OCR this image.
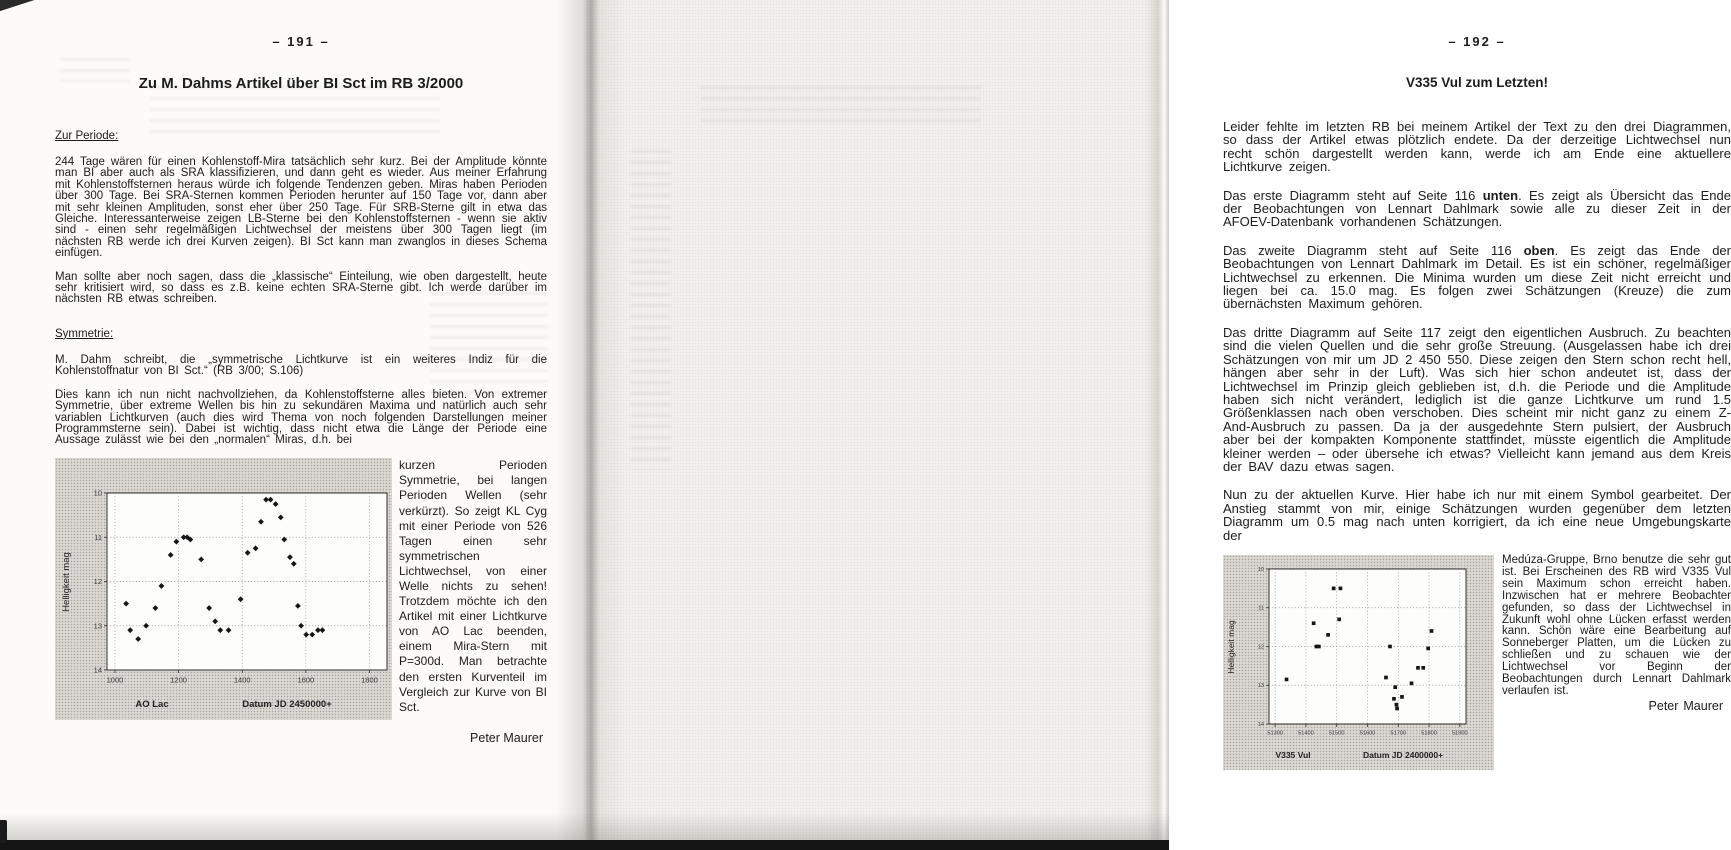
– 191 –
Zu M. Dahms Artikel über BI Sct im RB 3/2000
Zur Periode:

244 Tage wären für einen Kohlenstoff-Mira tatsächlich sehr kurz. Bei der Amplitude könnte man BI aber auch als SRA klassifizieren, und dann geht es wieder. Aus meiner Erfahrung mit Kohlenstoffsternen heraus würde ich folgende Tendenzen geben. Miras haben Perioden über 300 Tage. Bei SRA-Sternen kommen Perioden herunter auf 150 Tage vor, dann aber mit sehr kleinen Amplituden, sonst eher über 250 Tage. Für SRB-Sterne gilt in etwa das Gleiche. Interessanterweise zeigen LB-Sterne bei den Kohlenstoffsternen - wenn sie aktiv sind - einen sehr regelmäßigen Lichtwechsel der meistens über 300 Tagen liegt (im nächsten RB werde ich drei Kurven zeigen). BI Sct kann man zwanglos in dieses Schema einfügen.

Man sollte aber noch sagen, dass die „klassische“ Einteilung, wie oben dargestellt, heute sehr kritisiert wird, so dass es z.B. keine echten SRA-Sterne gibt. Ich werde darüber im nächsten RB etwas schreiben.

Symmetrie:

M. Dahm schreibt, die „symmetrische Lichtkurve ist ein weiteres Indiz für die Kohlenstoffnatur von BI Sct.“ (RB 3/00; S.106)

Dies kann ich nun nicht nachvollziehen, da Kohlenstoffsterne alles bieten. Von extremer Symmetrie, über extreme Wellen bis hin zu sekundären Maxima und natürlich auch sehr variablen Lichtkurven (auch dies wird Thema von noch folgenden Darstellungen meiner Programmsterne sein). Dabei ist wichtig, dass nicht etwa die Länge der Periode eine Aussage zulässt wie bei den „normalen“ Miras, d.h. bei

1000	1200	1400	1600	1800
10
11
12
13
14
AO Lac	Datum JD 2450000+
Helligkeit mag
kurzen Perioden Symmetrie, bei langen Perioden Wellen (sehr verkürzt). So zeigt KL Cyg mit einer Periode von 526 Tagen einen sehr symmetrischen Lichtwechsel, von einer Welle nichts zu sehen! Trotzdem möchte ich den Artikel mit einer Lichtkurve von AO Lac beenden, einem Mira-Stern mit P=300d. Man betrachte den ersten Kurventeil im Vergleich zur Kurve von BI Sct.
Peter Maurer
– 192 –
V335 Vul zum Letzten!

Leider fehlte im letzten RB bei meinem Artikel der Text zu den drei Diagrammen, so dass der Artikel etwas plötzlich endete. Da der derzeitige Lichtwechsel nun recht schön dargestellt werden kann, werde ich am Ende eine aktuellere Lichtkurve zeigen.

Das erste Diagramm steht auf Seite 116 unten. Es zeigt als Übersicht das Ende der Beobachtungen von Lennart Dahlmark sowie alle zu dieser Zeit in der AFOEV-Datenbank vorhandenen Schätzungen.

Das zweite Diagramm steht auf Seite 116 oben. Es zeigt das Ende der Beobachtungen von Lennart Dahlmark im Detail. Es ist ein schöner, regelmäßiger Lichtwechsel zu erkennen. Die Minima wurden um diese Zeit nicht erreicht und liegen bei ca. 15.0 mag. Es folgen zwei Schätzungen (Kreuze) die zum übernächsten Maximum gehören.

Das dritte Diagramm auf Seite 117 zeigt den eigentlichen Ausbruch. Zu beachten sind die vielen Quellen und die sehr große Streuung. (Ausgelassen habe ich drei Schätzungen von mir um JD 2 450 550. Diese zeigen den Stern schon recht hell, hängen aber sehr in der Luft). Was sich hier schon andeutet ist, dass der Lichtwechsel im Prinzip gleich geblieben ist, d.h. die Periode und die Amplitude haben sich nicht verändert, lediglich ist die ganze Lichtkurve um rund 1.5 Größenklassen nach oben verschoben. Dies scheint mir nicht ganz zu einem Z-And-Ausbruch zu passen. Da ja der ausgedehnte Stern pulsiert, der Ausbruch aber bei der kompakten Komponente stattfindet, müsste eigentlich die Amplitude kleiner werden – oder übersehe ich etwas? Vielleicht kann jemand aus dem Kreis der BAV dazu etwas sagen.

Nun zu der aktuellen Kurve. Hier habe ich nur mit einem Symbol gearbeitet. Der Anstieg stammt von mir, einige Schätzungen wurden gegenüber dem letzten Diagramm um 0.5 mag nach unten korrigiert, da ich eine neue Umgebungskarte der

51300	51400	51500	51600	51700	51800	51900
10
11
12
13
14
V335 Vul	Datum JD 2400000+
Helligkeit mag
Medúza-Gruppe, Brno benutze die sehr gut ist. Bei Erscheinen des RB wird V335 Vul sein Maximum schon erreicht haben. Inzwischen hat er mehrere Beobachter gefunden, so dass der Lichtwechsel in Zukunft wohl ohne Lücken erfasst werden kann. Schön wäre eine Bearbeitung auf Sonneberger Platten, um die Lücken zu schließen und zu schauen wie der Lichtwechsel vor Beginn der Beobachtungen durch Lennart Dahlmark verlaufen ist.
Peter Maurer
